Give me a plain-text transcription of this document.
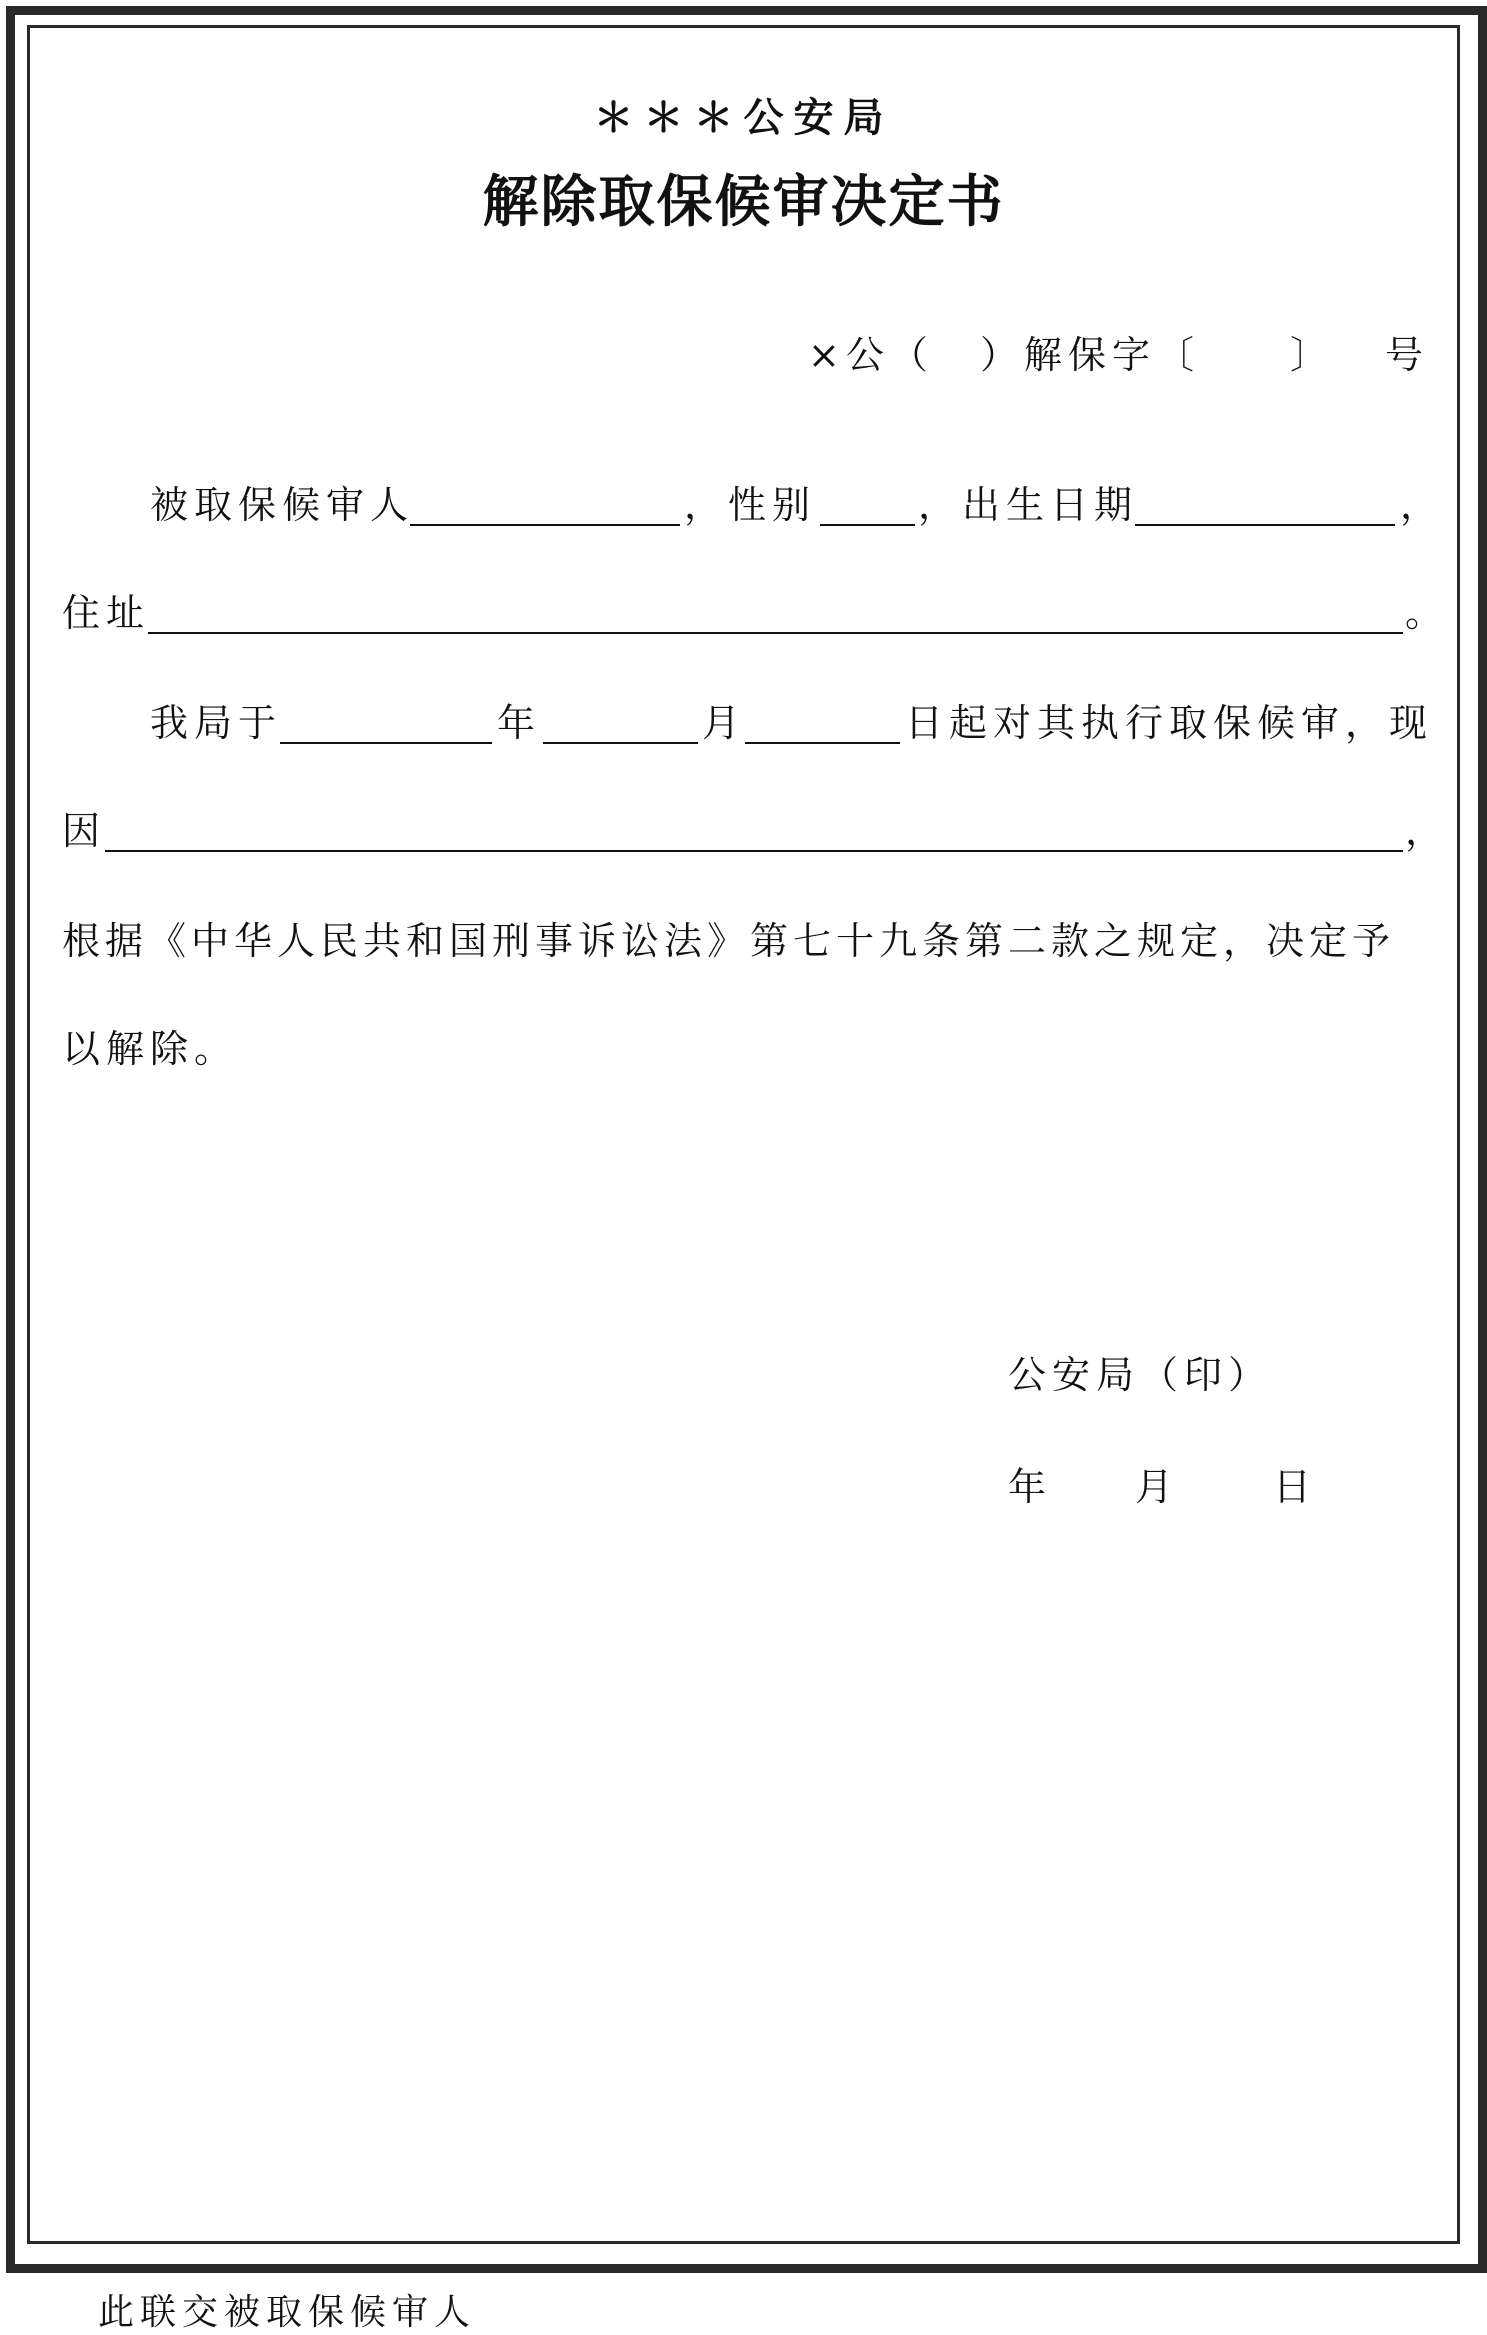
＊＊＊公安局
解除取保候审决定书
×公（ ）解保字〔 〕 号
被取保候审人	，性别	，出生日期	，
住址	。
我局于	年	月	日起对其执行取保候审，现
因	，
根据《中华人民共和国刑事诉讼法》第七十九条第二款之规定，决定予
以解除。
公安局（印）
年 月 日
此联交被取保候审人
